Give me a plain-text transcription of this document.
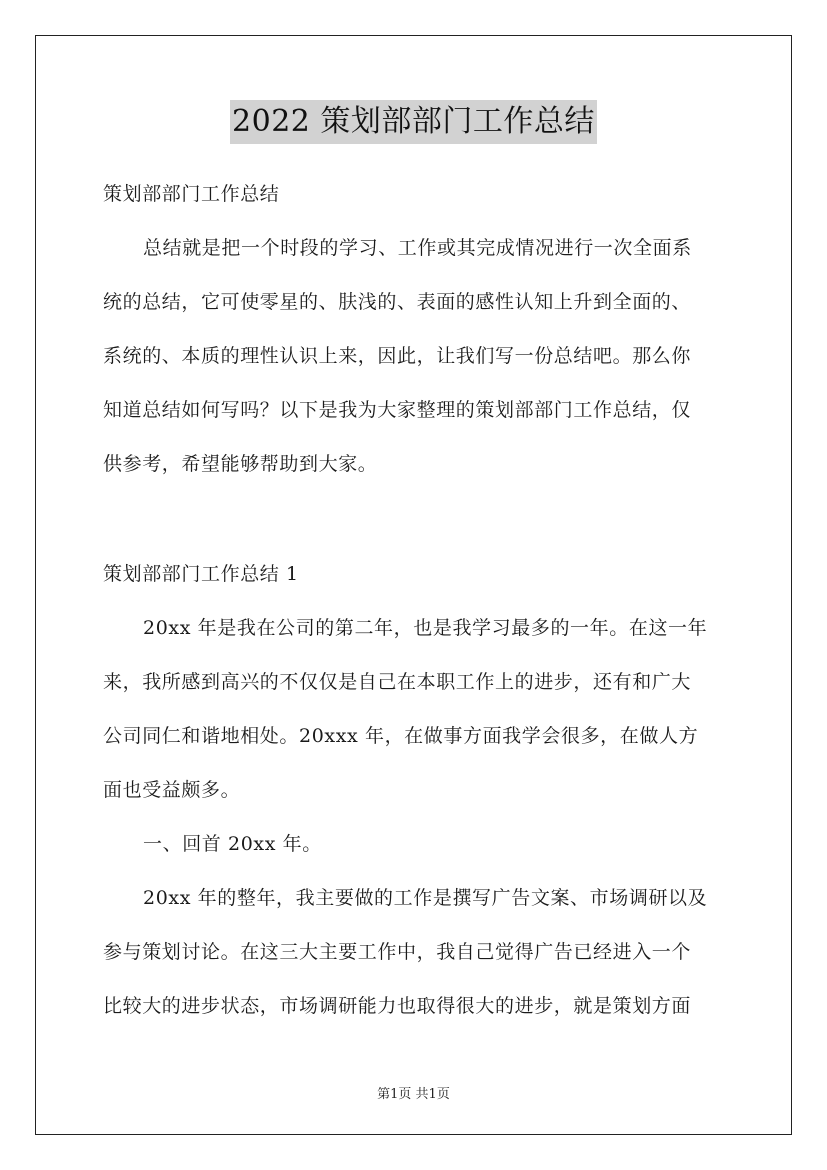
2022 策划部部门工作总结
策划部部门工作总结
总结就是把一个时段的学习、工作或其完成情况进行一次全面系
统的总结，它可使零星的、肤浅的、表面的感性认知上升到全面的、
系统的、本质的理性认识上来，因此，让我们写一份总结吧。那么你
知道总结如何写吗？以下是我为大家整理的策划部部门工作总结，仅
供参考，希望能够帮助到大家。
策划部部门工作总结 1
20xx 年是我在公司的第二年，也是我学习最多的一年。在这一年
来，我所感到高兴的不仅仅是自己在本职工作上的进步，还有和广大
公司同仁和谐地相处。20xxx 年，在做事方面我学会很多，在做人方
面也受益颇多。
一、回首 20xx 年。
20xx 年的整年，我主要做的工作是撰写广告文案、市场调研以及
参与策划讨论。在这三大主要工作中，我自己觉得广告已经进入一个
比较大的进步状态，市场调研能力也取得很大的进步，就是策划方面
第1页 共1页
